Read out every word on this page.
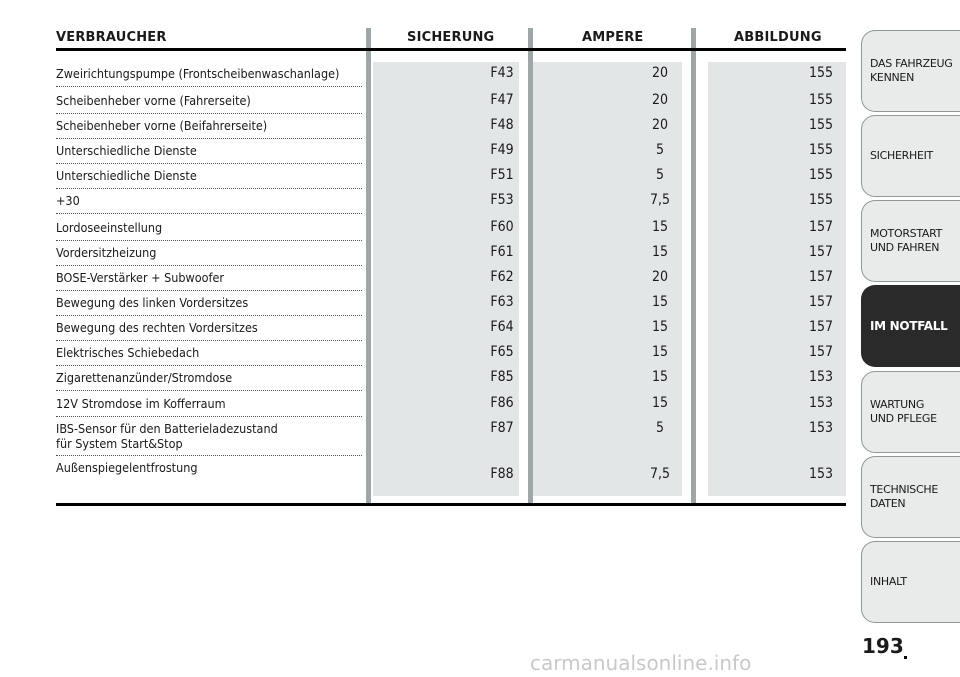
VERBRAUCHER	SICHERUNG	AMPERE	ABBILDUNG
Zweirichtungspumpe (Frontscheibenwaschanlage)	F43	20	155
Scheibenheber vorne (Fahrerseite)	F47	20	155
Scheibenheber vorne (Beifahrerseite)	F48	20	155
Unterschiedliche Dienste	F49	5	155
Unterschiedliche Dienste	F51	5	155
+30	F53	7,5	155
Lordoseeinstellung	F60	15	157
Vordersitzheizung	F61	15	157
BOSE-Verstärker + Subwoofer	F62	20	157
Bewegung des linken Vordersitzes	F63	15	157
Bewegung des rechten Vordersitzes	F64	15	157
Elektrisches Schiebedach	F65	15	157
Zigarettenanzünder/Stromdose	F85	15	153
12V Stromdose im Kofferraum	F86	15	153
IBS-Sensor für den Batterieladezustand
für System Start&Stop
F87	5	153
Außenspiegelentfrostung	F88	7,5	153
DAS FAHRZEUG
KENNEN
SICHERHEIT
MOTORSTART
UND FAHREN
IM NOTFALL
WARTUNG
UND PFLEGE
TECHNISCHE
DATEN
INHALT
193
carmanualsonline.info
